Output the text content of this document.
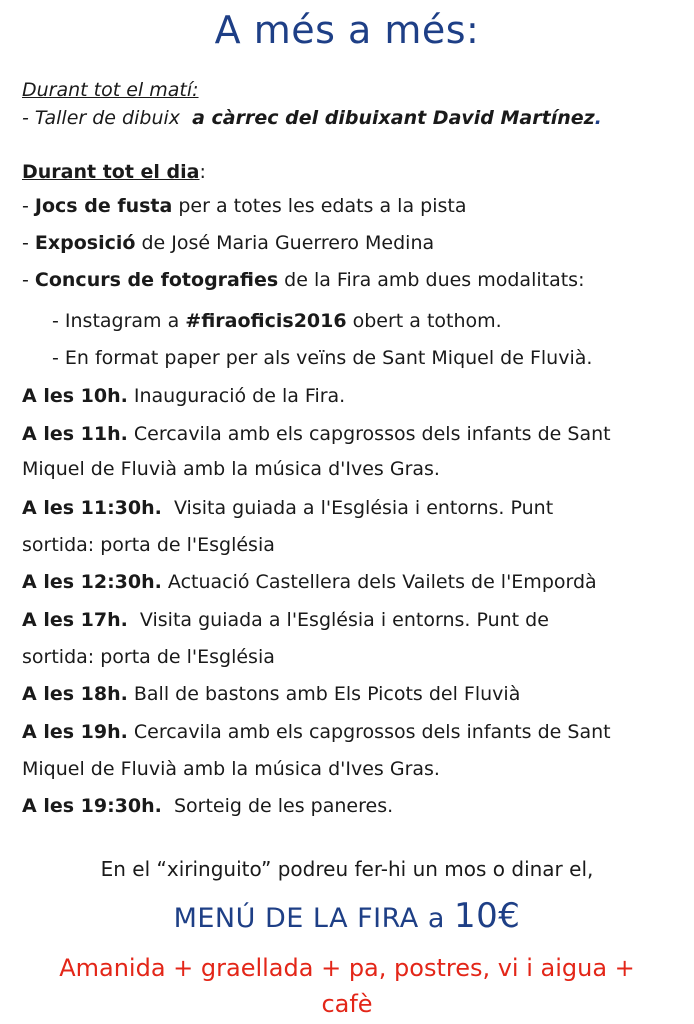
A més a més:
Durant tot el matí:
- Taller de dibuix a càrrec del dibuixant David Martínez.
Durant tot el dia:
- Jocs de fusta per a totes les edats a la pista
- Exposició de José Maria Guerrero Medina
- Concurs de fotografies de la Fira amb dues modalitats:
- Instagram a #firaoficis2016 obert a tothom.
- En format paper per als veïns de Sant Miquel de Fluvià.
A les 10h. Inauguració de la Fira.
A les 11h. Cercavila amb els capgrossos dels infants de Sant
Miquel de Fluvià amb la música d'Ives Gras.
A les 11:30h. Visita guiada a l'Església i entorns. Punt
sortida: porta de l'Església
A les 12:30h. Actuació Castellera dels Vailets de l'Empordà
A les 17h. Visita guiada a l'Església i entorns. Punt de
sortida: porta de l'Església
A les 18h. Ball de bastons amb Els Picots del Fluvià
A les 19h. Cercavila amb els capgrossos dels infants de Sant
Miquel de Fluvià amb la música d'Ives Gras.
A les 19:30h. Sorteig de les paneres.
En el “xiringuito” podreu fer-hi un mos o dinar el,
MENÚ DE LA FIRA a 10€
Amanida + graellada + pa, postres, vi i aigua +
cafè
